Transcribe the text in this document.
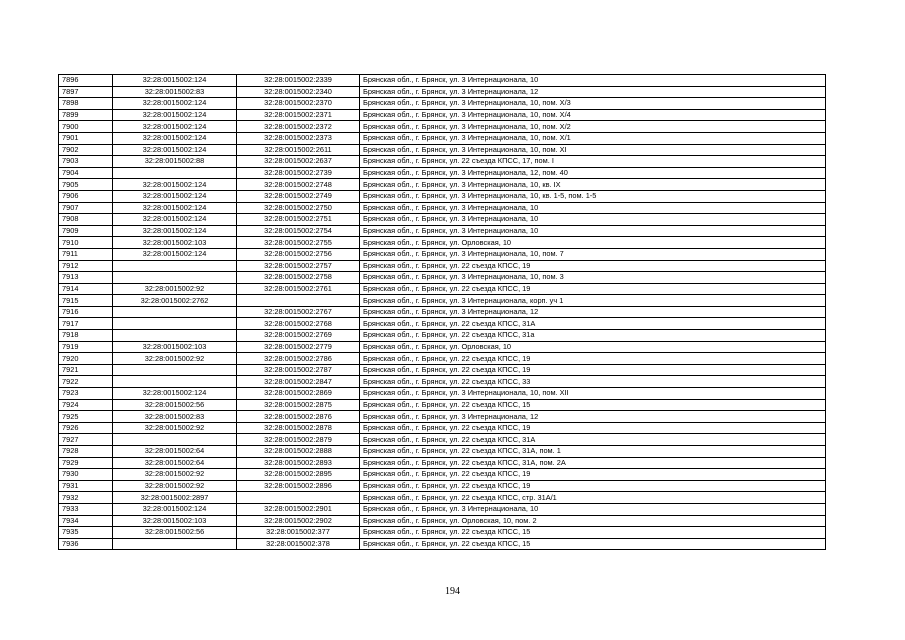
7896	32:28:0015002:124	32:28:0015002:2339	Брянская обл., г. Брянск, ул. 3 Интернационала, 10
7897	32:28:0015002:83	32:28:0015002:2340	Брянская обл., г. Брянск, ул. 3 Интернационала, 12
7898	32:28:0015002:124	32:28:0015002:2370	Брянская обл., г. Брянск, ул. 3 Интернационала, 10, пом. Х/3
7899	32:28:0015002:124	32:28:0015002:2371	Брянская обл., г. Брянск, ул. 3 Интернационала, 10, пом. Х/4
7900	32:28:0015002:124	32:28:0015002:2372	Брянская обл., г. Брянск, ул. 3 Интернационала, 10, пом. Х/2
7901	32:28:0015002:124	32:28:0015002:2373	Брянская обл., г. Брянск, ул. 3 Интернационала, 10, пом. Х/1
7902	32:28:0015002:124	32:28:0015002:2611	Брянская обл., г. Брянск, ул. 3 Интернационала, 10, пом. XI
7903	32:28:0015002:88	32:28:0015002:2637	Брянская обл., г. Брянск, ул. 22 съезда КПСС, 17, пом. I
7904		32:28:0015002:2739	Брянская обл., г. Брянск, ул. 3 Интернационала, 12, пом. 40
7905	32:28:0015002:124	32:28:0015002:2748	Брянская обл., г. Брянск, ул. 3 Интернационала, 10, кв. IX
7906	32:28:0015002:124	32:28:0015002:2749	Брянская обл., г. Брянск, ул. 3 Интернационала, 10, кв. 1-5, пом. 1-5
7907	32:28:0015002:124	32:28:0015002:2750	Брянская обл., г. Брянск, ул. 3 Интернационала, 10
7908	32:28:0015002:124	32:28:0015002:2751	Брянская обл., г. Брянск, ул. 3 Интернационала, 10
7909	32:28:0015002:124	32:28:0015002:2754	Брянская обл., г. Брянск, ул. 3 Интернационала, 10
7910	32:28:0015002:103	32:28:0015002:2755	Брянская обл., г. Брянск, ул. Орловская, 10
7911	32:28:0015002:124	32:28:0015002:2756	Брянская обл., г. Брянск, ул. 3 Интернационала, 10, пом. 7
7912		32:28:0015002:2757	Брянская обл., г. Брянск, ул. 22 съезда КПСС, 19
7913		32:28:0015002:2758	Брянская обл., г. Брянск, ул. 3 Интернационала, 10, пом. 3
7914	32:28:0015002:92	32:28:0015002:2761	Брянская обл., г. Брянск, ул. 22 съезда КПСС, 19
7915	32:28:0015002:2762		Брянская обл., г. Брянск, ул. 3 Интернационала, корп. уч 1
7916		32:28:0015002:2767	Брянская обл., г. Брянск, ул. 3 Интернационала, 12
7917		32:28:0015002:2768	Брянская обл., г. Брянск, ул. 22 съезда КПСС, 31А
7918		32:28:0015002:2769	Брянская обл., г. Брянск, ул. 22 съезда КПСС, 31а
7919	32:28:0015002:103	32:28:0015002:2779	Брянская обл., г. Брянск, ул. Орловская, 10
7920	32:28:0015002:92	32:28:0015002:2786	Брянская обл., г. Брянск, ул. 22 съезда КПСС, 19
7921		32:28:0015002:2787	Брянская обл., г. Брянск, ул. 22 съезда КПСС, 19
7922		32:28:0015002:2847	Брянская обл., г. Брянск, ул. 22 съезда КПСС, 33
7923	32:28:0015002:124	32:28:0015002:2869	Брянская обл., г. Брянск, ул. 3 Интернационала, 10, пом. XII
7924	32:28:0015002:56	32:28:0015002:2875	Брянская обл., г. Брянск, ул. 22 съезда КПСС, 15
7925	32:28:0015002:83	32:28:0015002:2876	Брянская обл., г. Брянск, ул. 3 Интернационала, 12
7926	32:28:0015002:92	32:28:0015002:2878	Брянская обл., г. Брянск, ул. 22 съезда КПСС, 19
7927		32:28:0015002:2879	Брянская обл., г. Брянск, ул. 22 съезда КПСС, 31А
7928	32:28:0015002:64	32:28:0015002:2888	Брянская обл., г. Брянск, ул. 22 съезда КПСС, 31А, пом. 1
7929	32:28:0015002:64	32:28:0015002:2893	Брянская обл., г. Брянск, ул. 22 съезда КПСС, 31А, пом. 2А
7930	32:28:0015002:92	32:28:0015002:2895	Брянская обл., г. Брянск, ул. 22 съезда КПСС, 19
7931	32:28:0015002:92	32:28:0015002:2896	Брянская обл., г. Брянск, ул. 22 съезда КПСС, 19
7932	32:28:0015002:2897		Брянская обл., г. Брянск, ул. 22 съезда КПСС, стр. 31А/1
7933	32:28:0015002:124	32:28:0015002:2901	Брянская обл., г. Брянск, ул. 3 Интернационала, 10
7934	32:28:0015002:103	32:28:0015002:2902	Брянская обл., г. Брянск, ул. Орловская, 10, пом. 2
7935	32:28:0015002:56	32:28:0015002:377	Брянская обл., г. Брянск, ул. 22 съезда КПСС, 15
7936		32:28:0015002:378	Брянская обл., г. Брянск, ул. 22 съезда КПСС, 15
194
